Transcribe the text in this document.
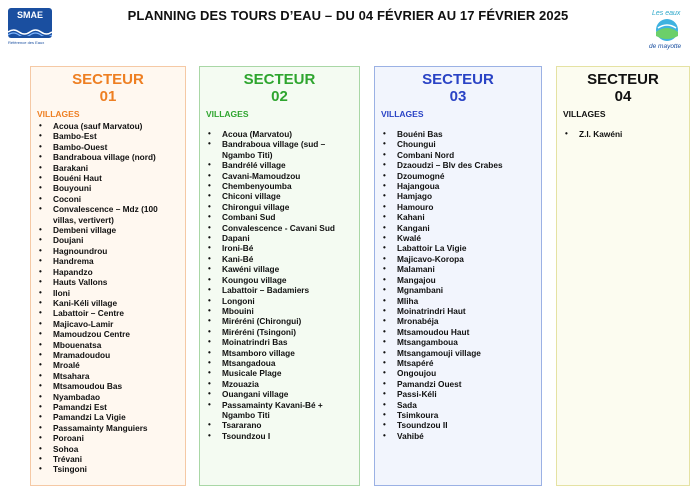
SMAE
Référence des Eaux
Les eaux
de mayotte
PLANNING DES TOURS D’EAU – DU 04 FÉVRIER AU 17 FÉVRIER 2025
SECTEUR
01
VILLAGES
• Acoua (sauf Marvatou)
• Bambo-Est
• Bambo-Ouest
• Bandraboua village (nord)
• Barakani
• Bouéni Haut
• Bouyouni
• Coconi
• Convalescence – Mdz (100 villas, vertivert)
• Dembeni village
• Doujani
• Hagnoundrou
• Handrema
• Hapandzo
• Hauts Vallons
• Iloni
• Kani-Kéli village
• Labattoir – Centre
• Majicavo-Lamir
• Mamoudzou Centre
• Mbouenatsa
• Mramadoudou
• Mroalé
• Mtsahara
• Mtsamoudou Bas
• Nyambadao
• Pamandzi Est
• Pamandzi La Vigie
• Passamainty Manguiers
• Poroani
• Sohoa
• Trévani
• Tsingoni
SECTEUR
02
VILLAGES
• Acoua (Marvatou)
• Bandraboua village (sud – Ngambo Titi)
• Bandrélé village
• Cavani-Mamoudzou
• Chembenyoumba
• Chiconi village
• Chirongui village
• Combani Sud
• Convalescence - Cavani Sud
• Dapani
• Ironi-Bé
• Kani-Bé
• Kawéni village
• Koungou village
• Labattoir – Badamiers
• Longoni
• Mbouini
• Miréréni (Chirongui)
• Miréréni (Tsingoni)
• Moinatrindri Bas
• Mtsamboro village
• Mtsangadoua
• Musicale Plage
• Mzouazia
• Ouangani village
• Passamainty Kavani-Bé + Ngambo Titi
• Tsararano
• Tsoundzou I
SECTEUR
03
VILLAGES
• Bouéni Bas
• Choungui
• Combani Nord
• Dzaoudzi – Blv des Crabes
• Dzoumogné
• Hajangoua
• Hamjago
• Hamouro
• Kahani
• Kangani
• Kwalé
• Labattoir La Vigie
• Majicavo-Koropa
• Malamani
• Mangajou
• Mgnambani
• Mliha
• Moinatrindri Haut
• Mronabéja
• Mtsamoudou Haut
• Mtsangamboua
• Mtsangamouji village
• Mtsapéré
• Ongoujou
• Pamandzi Ouest
• Passi-Kéli
• Sada
• Tsimkoura
• Tsoundzou II
• Vahibé
SECTEUR
04
VILLAGES
• Z.I. Kawéni
